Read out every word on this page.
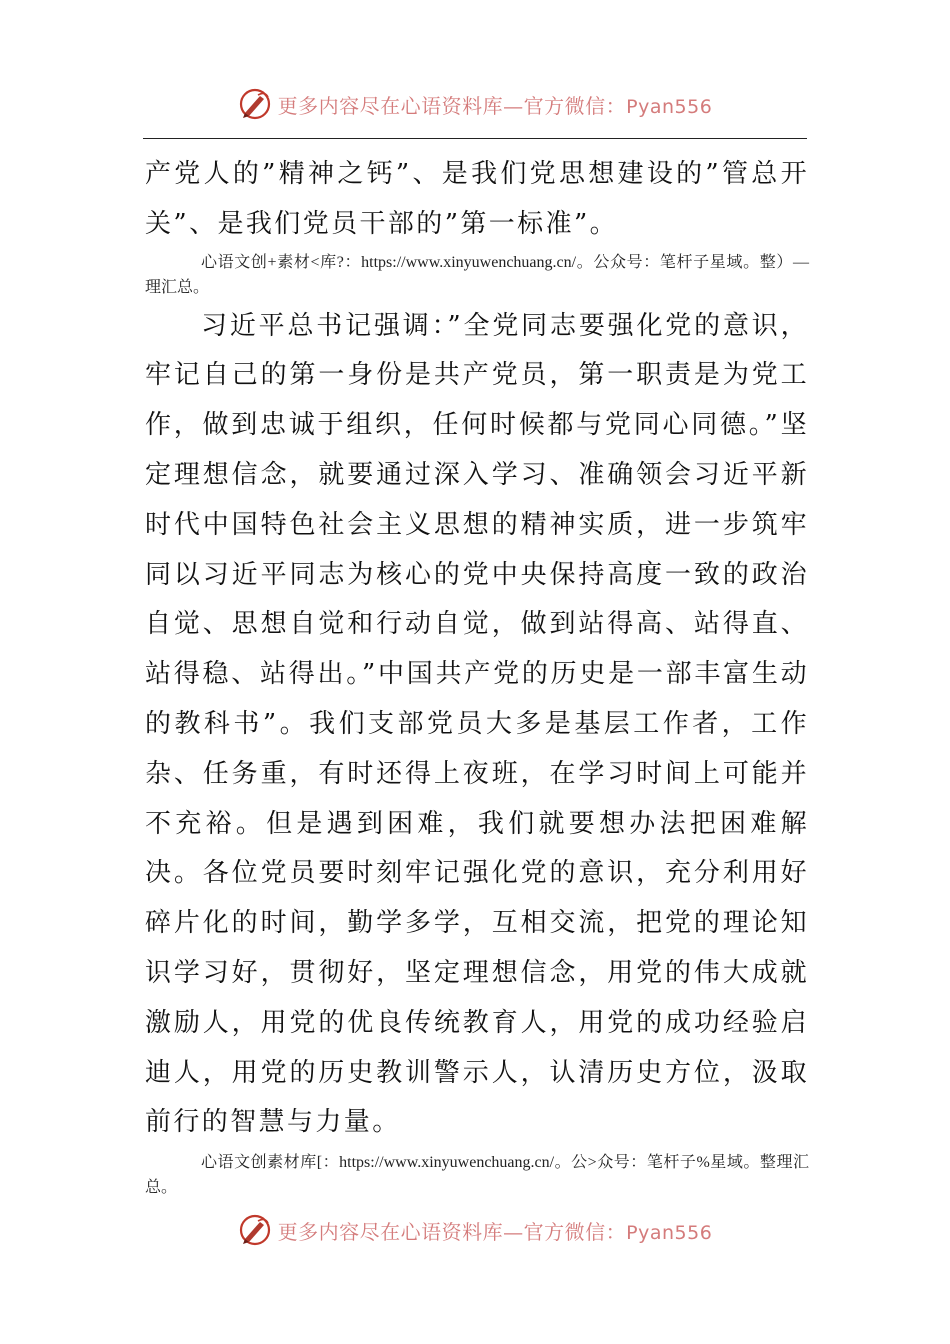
更多内容尽在心语资料库—官方微信：Pyan556

产党人的”精神之钙”、是我们党思想建设的”管总开关”、是我们党员干部的”第一标准”。

心语文创+素材<库?：https://www.xinyuwenchuang.cn/。公众号：笔杆子星域。整）—理汇总。

习近平总书记强调：”全党同志要强化党的意识，牢记自己的第一身份是共产党员，第一职责是为党工作，做到忠诚于组织，任何时候都与党同心同德。”坚定理想信念，就要通过深入学习、准确领会习近平新时代中国特色社会主义思想的精神实质，进一步筑牢同以习近平同志为核心的党中央保持高度一致的政治自觉、思想自觉和行动自觉，做到站得高、站得直、站得稳、站得出。”中国共产党的历史是一部丰富生动的教科书”。我们支部党员大多是基层工作者，工作杂、任务重，有时还得上夜班，在学习时间上可能并不充裕。但是遇到困难，我们就要想办法把困难解决。各位党员要时刻牢记强化党的意识，充分利用好碎片化的时间，勤学多学，互相交流，把党的理论知识学习好，贯彻好，坚定理想信念，用党的伟大成就激励人，用党的优良传统教育人，用党的成功经验启迪人，用党的历史教训警示人，认清历史方位，汲取前行的智慧与力量。

心语文创素材库[：https://www.xinyuwenchuang.cn/。公>众号：笔杆子%星域。整理汇总。

更多内容尽在心语资料库—官方微信：Pyan556
